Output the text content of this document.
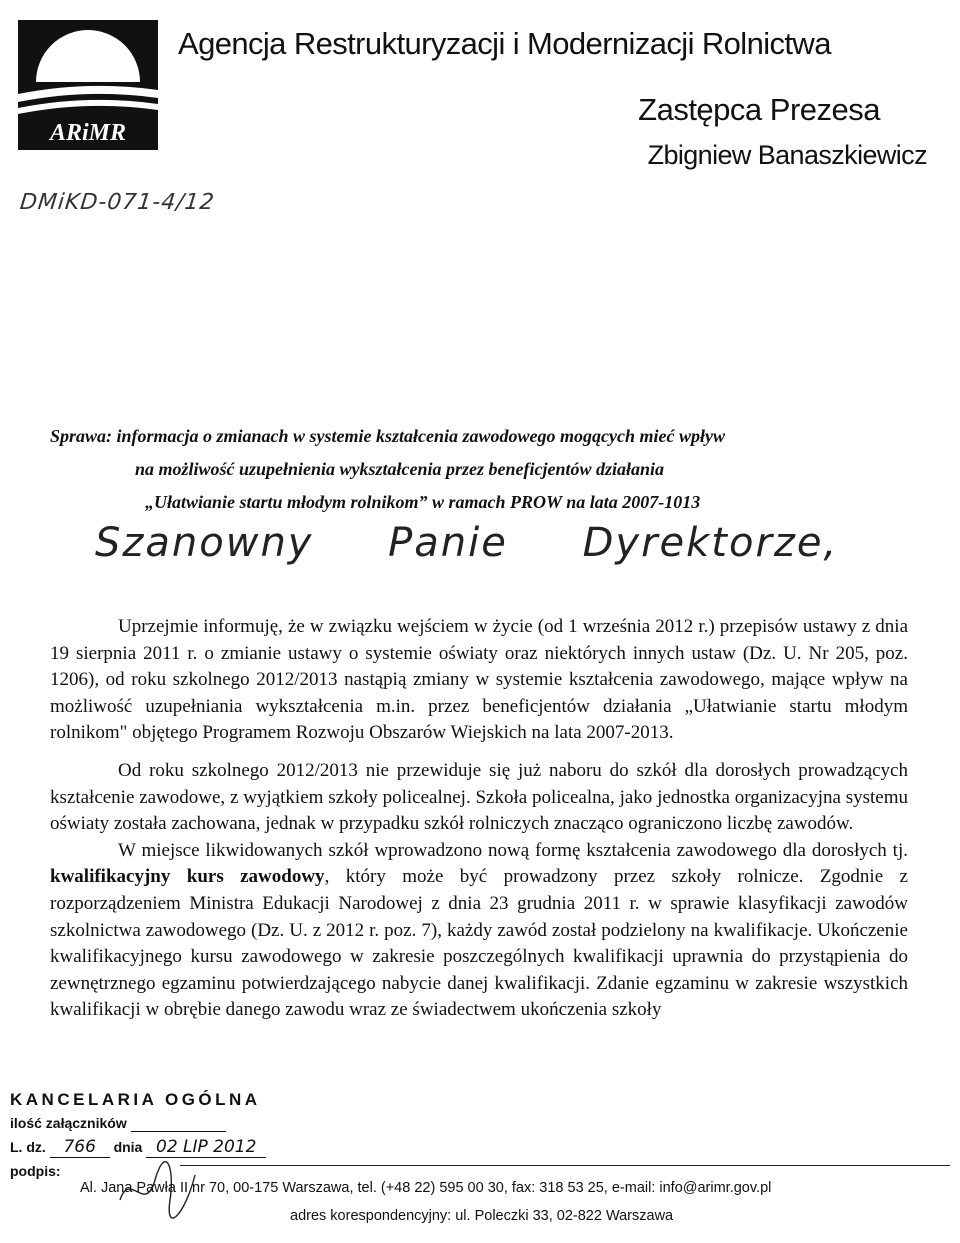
ARiMR
Agencja Restrukturyzacji i Modernizacji Rolnictwa
Zastępca Prezesa
Zbigniew Banaszkiewicz
DMiKD-071-4/12
Sprawa: informacja o zmianach w systemie kształcenia zawodowego mogących mieć wpływ
na możliwość uzupełnienia wykształcenia przez beneficjentów działania
„Ułatwianie startu młodym rolnikom” w ramach PROW na lata 2007-1013
Szanowny Panie Dyrektorze,

Uprzejmie informuję, że w związku wejściem w życie (od 1 września 2012 r.) przepisów ustawy z dnia 19 sierpnia 2011 r. o zmianie ustawy o systemie oświaty oraz niektórych innych ustaw (Dz. U. Nr 205, poz. 1206), od roku szkolnego 2012/2013 nastąpią zmiany w systemie kształcenia zawodowego, mające wpływ na możliwość uzupełniania wykształcenia m.in. przez beneficjentów działania „Ułatwianie startu młodym rolnikom" objętego Programem Rozwoju Obszarów Wiejskich na lata 2007-2013.

Od roku szkolnego 2012/2013 nie przewiduje się już naboru do szkół dla dorosłych prowadzących kształcenie zawodowe, z wyjątkiem szkoły policealnej. Szkoła policealna, jako jednostka organizacyjna systemu oświaty została zachowana, jednak w przypadku szkół rolniczych znacząco ograniczono liczbę zawodów.

W miejsce likwidowanych szkół wprowadzono nową formę kształcenia zawodowego dla dorosłych tj. kwalifikacyjny kurs zawodowy, który może być prowadzony przez szkoły rolnicze. Zgodnie z rozporządzeniem Ministra Edukacji Narodowej z dnia 23 grudnia 2011 r. w sprawie klasyfikacji zawodów szkolnictwa zawodowego (Dz. U. z 2012 r. poz. 7), każdy zawód został podzielony na kwalifikacje. Ukończenie kwalifikacyjnego kursu zawodowego w zakresie poszczególnych kwalifikacji uprawnia do przystąpienia do zewnętrznego egzaminu potwierdzającego nabycie danej kwalifikacji. Zdanie egzaminu w zakresie wszystkich kwalifikacji w obrębie danego zawodu wraz ze świadectwem ukończenia szkoły

KANCELARIA OGÓLNA
ilość załączników
L. dz. 766 dnia 02 LIP 2012
podpis:
Al. Jana Pawła II nr 70, 00-175 Warszawa, tel. (+48 22) 595 00 30, fax: 318 53 25, e-mail: info@arimr.gov.pl
adres korespondencyjny: ul. Poleczki 33, 02-822 Warszawa
